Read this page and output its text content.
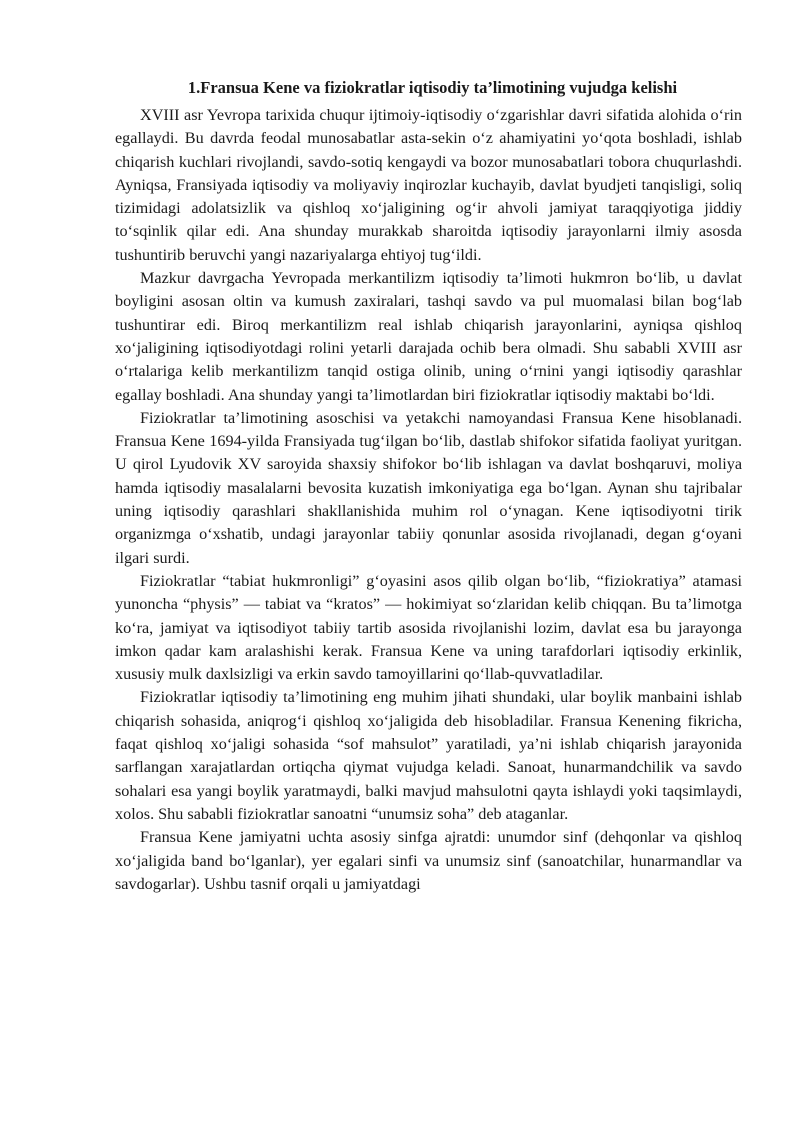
1.Fransua Kene va fiziokratlar iqtisodiy ta’limotining vujudga kelishi

XVIII asr Yevropa tarixida chuqur ijtimoiy-iqtisodiy oʻzgarishlar davri sifatida alohida oʻrin egallaydi. Bu davrda feodal munosabatlar asta-sekin oʻz ahamiyatini yoʻqota boshladi, ishlab chiqarish kuchlari rivojlandi, savdo-sotiq kengaydi va bozor munosabatlari tobora chuqurlashdi. Ayniqsa, Fransiyada iqtisodiy va moliyaviy inqirozlar kuchayib, davlat byudjeti tanqisligi, soliq tizimidagi adolatsizlik va qishloq xoʻjaligining ogʻir ahvoli jamiyat taraqqiyotiga jiddiy toʻsqinlik qilar edi. Ana shunday murakkab sharoitda iqtisodiy jarayonlarni ilmiy asosda tushuntirib beruvchi yangi nazariyalarga ehtiyoj tugʻildi.

Mazkur davrgacha Yevropada merkantilizm iqtisodiy ta’limoti hukmron boʻlib, u davlat boyligini asosan oltin va kumush zaxiralari, tashqi savdo va pul muomalasi bilan bogʻlab tushuntirar edi. Biroq merkantilizm real ishlab chiqarish jarayonlarini, ayniqsa qishloq xoʻjaligining iqtisodiyotdagi rolini yetarli darajada ochib bera olmadi. Shu sababli XVIII asr oʻrtalariga kelib merkantilizm tanqid ostiga olinib, uning oʻrnini yangi iqtisodiy qarashlar egallay boshladi. Ana shunday yangi ta’limotlardan biri fiziokratlar iqtisodiy maktabi boʻldi.

Fiziokratlar ta’limotining asoschisi va yetakchi namoyandasi Fransua Kene hisoblanadi. Fransua Kene 1694-yilda Fransiyada tugʻilgan boʻlib, dastlab shifokor sifatida faoliyat yuritgan. U qirol Lyudovik XV saroyida shaxsiy shifokor boʻlib ishlagan va davlat boshqaruvi, moliya hamda iqtisodiy masalalarni bevosita kuzatish imkoniyatiga ega boʻlgan. Aynan shu tajribalar uning iqtisodiy qarashlari shakllanishida muhim rol oʻynagan. Kene iqtisodiyotni tirik organizmga oʻxshatib, undagi jarayonlar tabiiy qonunlar asosida rivojlanadi, degan gʻoyani ilgari surdi.

Fiziokratlar “tabiat hukmronligi” gʻoyasini asos qilib olgan boʻlib, “fiziokratiya” atamasi yunoncha “physis” — tabiat va “kratos” — hokimiyat soʻzlaridan kelib chiqqan. Bu ta’limotga koʻra, jamiyat va iqtisodiyot tabiiy tartib asosida rivojlanishi lozim, davlat esa bu jarayonga imkon qadar kam aralashishi kerak. Fransua Kene va uning tarafdorlari iqtisodiy erkinlik, xususiy mulk daxlsizligi va erkin savdo tamoyillarini qoʻllab-quvvatladilar.

Fiziokratlar iqtisodiy ta’limotining eng muhim jihati shundaki, ular boylik manbaini ishlab chiqarish sohasida, aniqrogʻi qishloq xoʻjaligida deb hisobladilar. Fransua Kenening fikricha, faqat qishloq xoʻjaligi sohasida “sof mahsulot” yaratiladi, ya’ni ishlab chiqarish jarayonida sarflangan xarajatlardan ortiqcha qiymat vujudga keladi. Sanoat, hunarmandchilik va savdo sohalari esa yangi boylik yaratmaydi, balki mavjud mahsulotni qayta ishlaydi yoki taqsimlaydi, xolos. Shu sababli fiziokratlar sanoatni “unumsiz soha” deb ataganlar.

Fransua Kene jamiyatni uchta asosiy sinfga ajratdi: unumdor sinf (dehqonlar va qishloq xoʻjaligida band boʻlganlar), yer egalari sinfi va unumsiz sinf (sanoatchilar, hunarmandlar va savdogarlar). Ushbu tasnif orqali u jamiyatdagi
